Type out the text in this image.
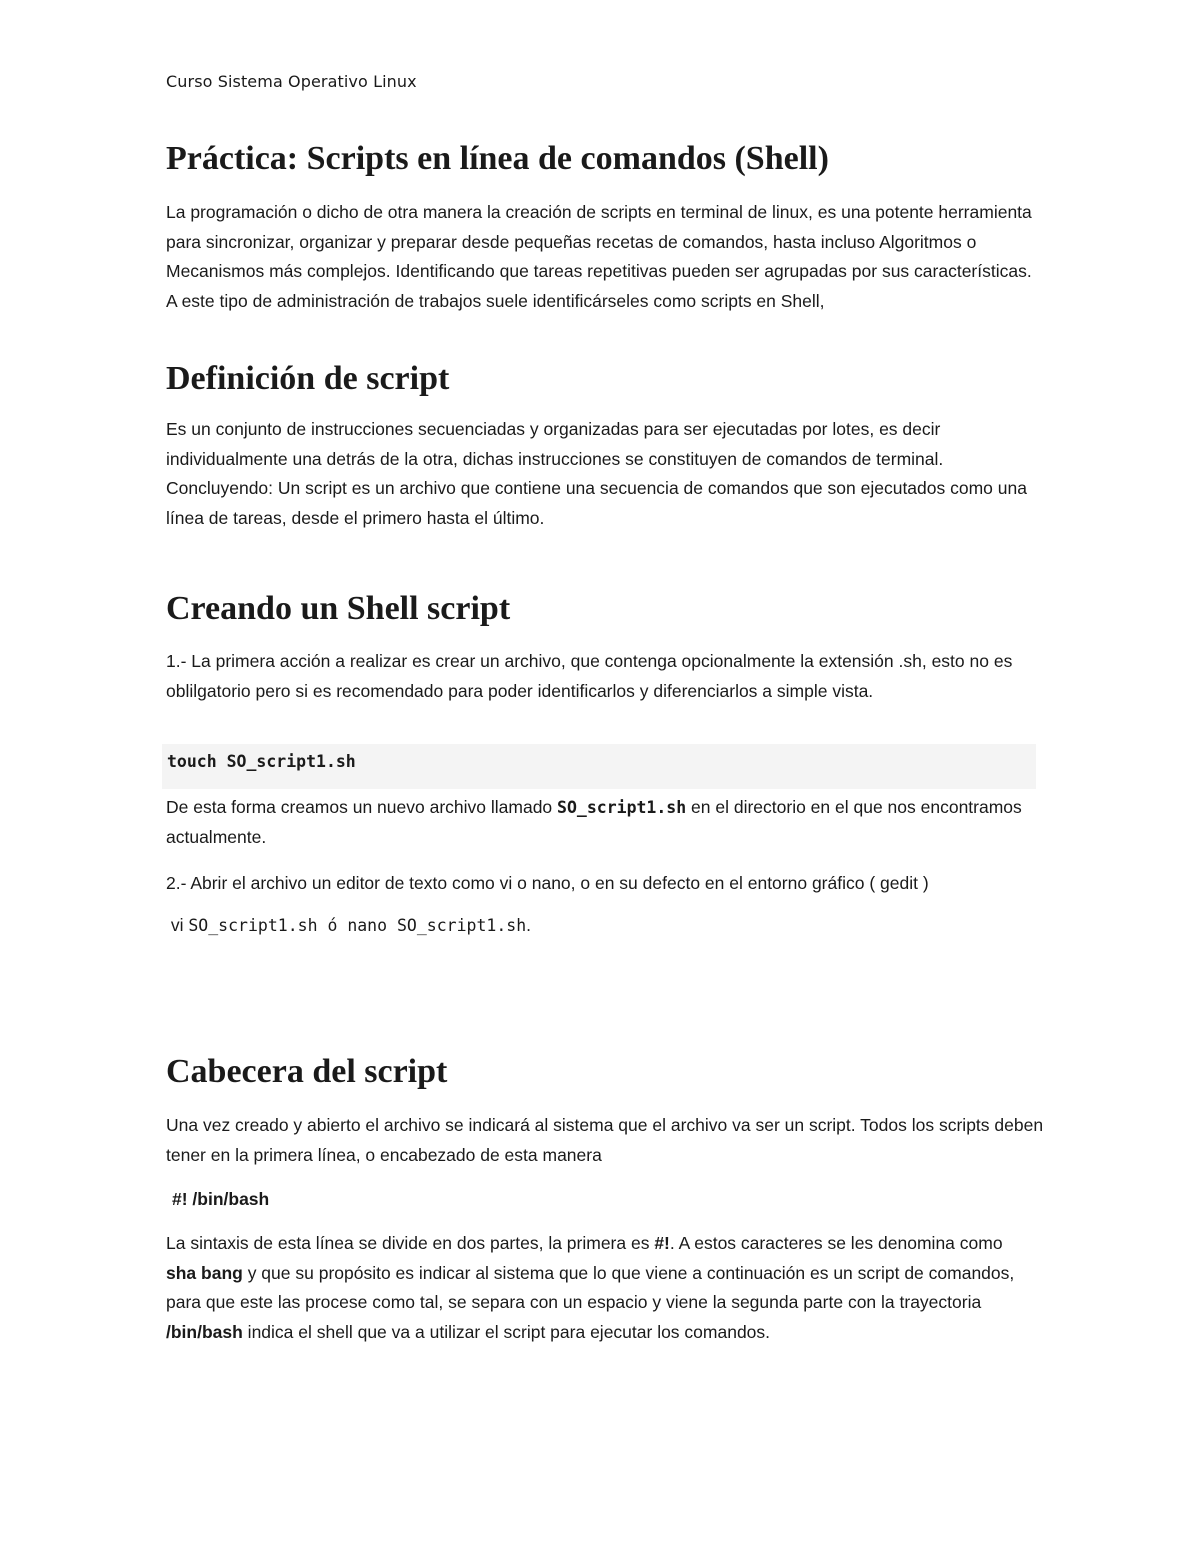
Curso Sistema Operativo Linux
Práctica: Scripts en línea de comandos (Shell)

La programación o dicho de otra manera la creación de scripts en terminal de linux, es una potente herramienta para sincronizar, organizar y preparar desde pequeñas recetas de comandos, hasta incluso Algoritmos o Mecanismos más complejos. Identificando que tareas repetitivas pueden ser agrupadas por sus características. A este tipo de administración de trabajos suele identificárseles como scripts en Shell,

Definición de script

Es un conjunto de instrucciones secuenciadas y organizadas para ser ejecutadas por lotes, es decir individualmente una detrás de la otra, dichas instrucciones se constituyen de comandos de terminal. Concluyendo: Un script es un archivo que contiene una secuencia de comandos que son ejecutados como una línea de tareas, desde el primero hasta el último.

Creando un Shell script

1.- La primera acción a realizar es crear un archivo, que contenga opcionalmente la extensión .sh, esto no es oblilgatorio pero si es recomendado para poder identificarlos y diferenciarlos a simple vista.

touch SO_script1.sh

De esta forma creamos un nuevo archivo llamado SO_script1.sh en el directorio en el que nos encontramos actualmente.

2.- Abrir el archivo un editor de texto como vi o nano, o en su defecto en el entorno gráfico ( gedit )

vi SO_script1.sh ó nano SO_script1.sh.

Cabecera del script

Una vez creado y abierto el archivo se indicará al sistema que el archivo va ser un script. Todos los scripts deben tener en la primera línea, o encabezado de esta manera

#! /bin/bash

La sintaxis de esta línea se divide en dos partes, la primera es #!. A estos caracteres se les denomina como sha bang y que su propósito es indicar al sistema que lo que viene a continuación es un script de comandos, para que este las procese como tal, se separa con un espacio y viene la segunda parte con la trayectoria /bin/bash indica el shell que va a utilizar el script para ejecutar los comandos.
